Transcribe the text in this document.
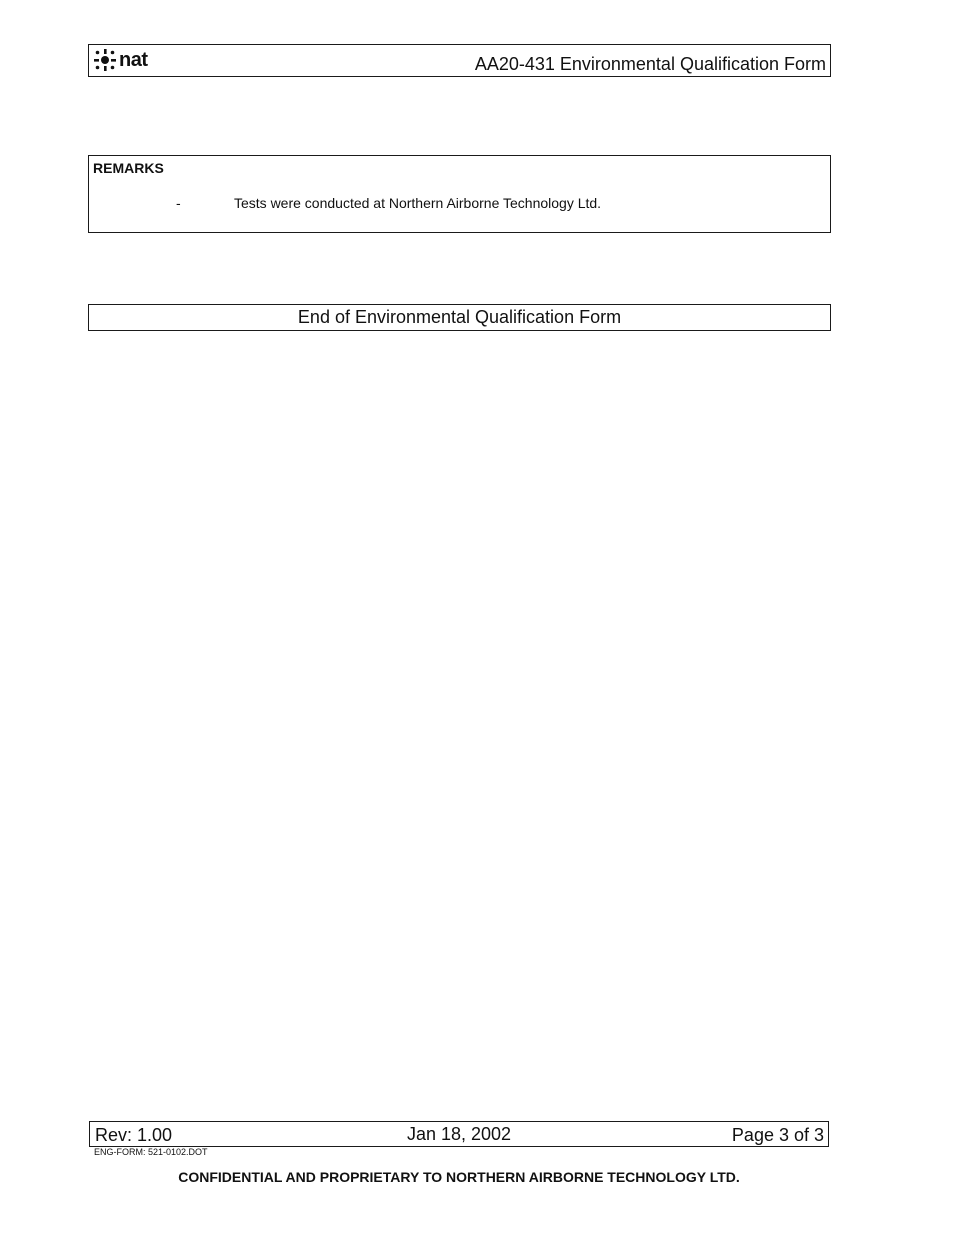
nat	AA20-431 Environmental Qualification Form
REMARKS
-	Tests were conducted at Northern Airborne Technology Ltd.
End of Environmental Qualification Form
Rev: 1.00	Jan 18, 2002	Page 3 of 3
ENG-FORM: 521-0102.DOT
CONFIDENTIAL AND PROPRIETARY TO NORTHERN AIRBORNE TECHNOLOGY LTD.
